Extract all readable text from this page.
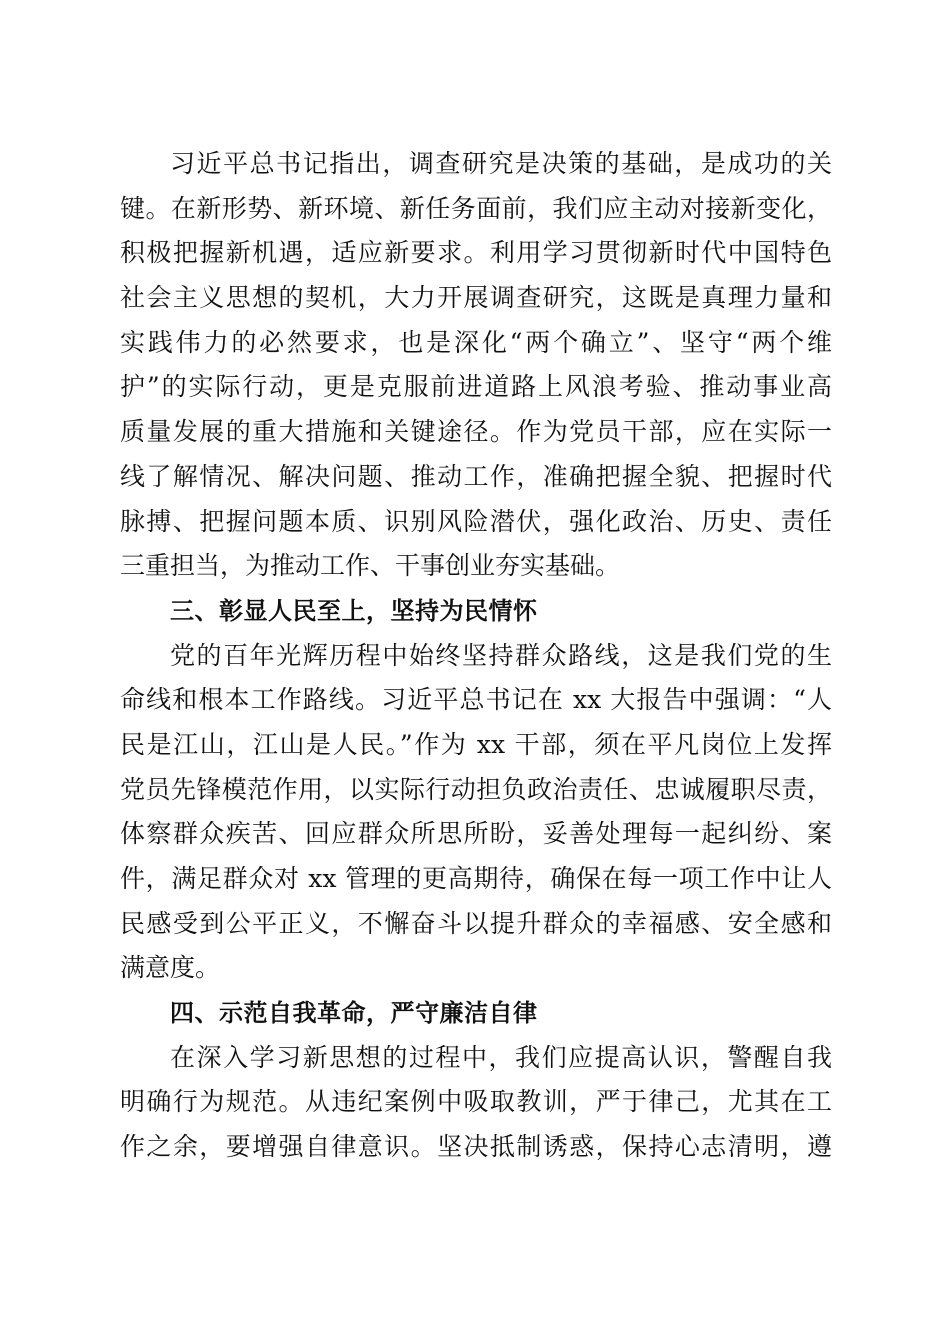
习近平总书记指出，调查研究是决策的基础，是成功的关
键。在新形势、新环境、新任务面前，我们应主动对接新变化，
积极把握新机遇，适应新要求。利用学习贯彻新时代中国特色
社会主义思想的契机，大力开展调查研究，这既是真理力量和
实践伟力的必然要求，也是深化“两个确立”、坚守“两个维
护”的实际行动，更是克服前进道路上风浪考验、推动事业高
质量发展的重大措施和关键途径。作为党员干部，应在实际一
线了解情况、解决问题、推动工作，准确把握全貌、把握时代
脉搏、把握问题本质、识别风险潜伏，强化政治、历史、责任
三重担当，为推动工作、干事创业夯实基础。
三、彰显人民至上，坚持为民情怀
党的百年光辉历程中始终坚持群众路线，这是我们党的生
命线和根本工作路线。习近平总书记在 xx 大报告中强调：“人
民是江山，江山是人民。”作为 xx 干部，须在平凡岗位上发挥
党员先锋模范作用，以实际行动担负政治责任、忠诚履职尽责，
体察群众疾苦、回应群众所思所盼，妥善处理每一起纠纷、案
件，满足群众对 xx 管理的更高期待，确保在每一项工作中让人
民感受到公平正义，不懈奋斗以提升群众的幸福感、安全感和
满意度。
四、示范自我革命，严守廉洁自律
在深入学习新思想的过程中，我们应提高认识，警醒自我
明确行为规范。从违纪案例中吸取教训，严于律己，尤其在工
作之余，要增强自律意识。坚决抵制诱惑，保持心志清明，遵
